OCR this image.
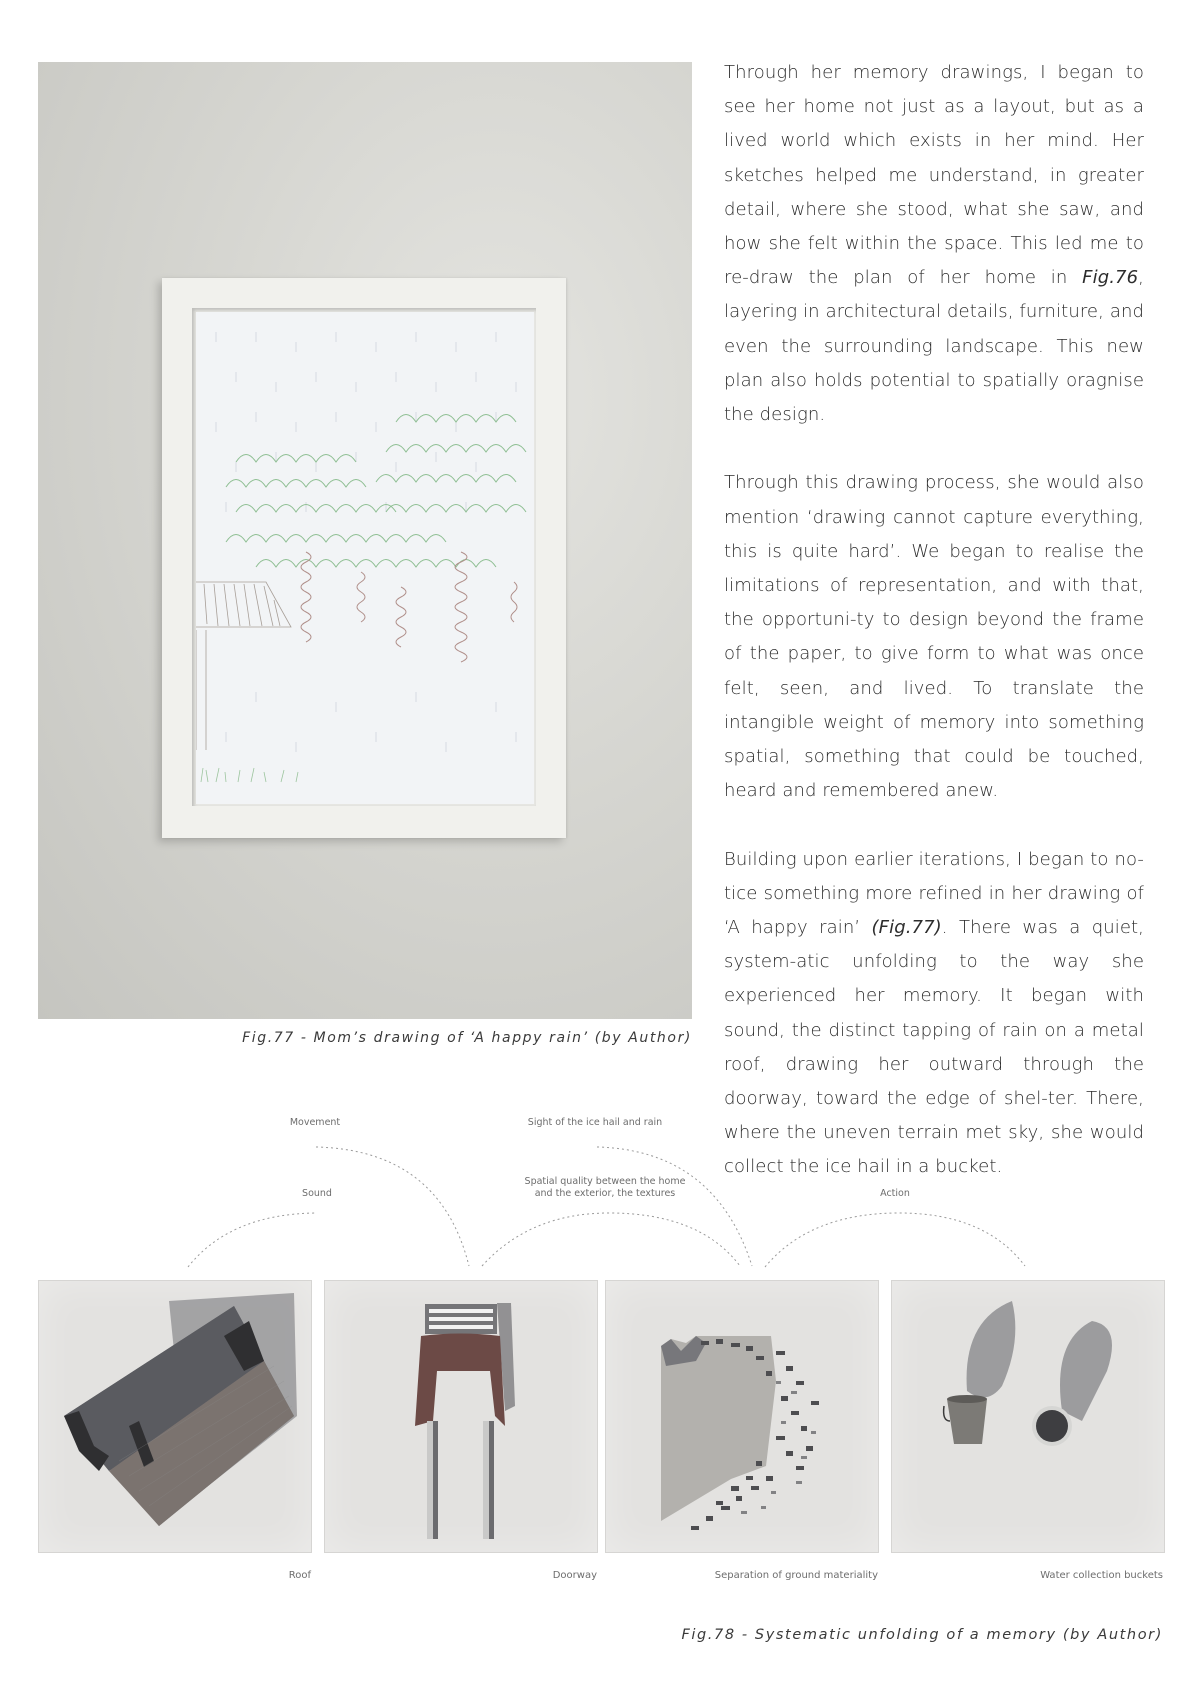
Fig.77 - Mom’s drawing of ‘A happy rain’ (by Author)

Through her memory drawings, I began to see her home not just as a layout, but as a lived world which exists in her mind. Her sketches helped me understand, in greater detail, where she stood, what she saw, and how she felt within the space. This led me to re-draw the plan of her home in Fig.76, layering in architectural details, furniture, and even the surrounding landscape. This new plan also holds potential to spatially oragnise the design.

Through this drawing process, she would also mention ‘drawing cannot capture everything, this is quite hard’. We began to realise the limitations of representation, and with that, the opportuni-ty to design beyond the frame of the paper, to give form to what was once felt, seen, and lived. To translate the intangible weight of memory into something spatial, something that could be touched, heard and remembered anew.

Building upon earlier iterations, I began to no-tice something more refined in her drawing of ‘A happy rain’ (Fig.77). There was a quiet, system-atic unfolding to the way she experienced her memory. It began with sound, the distinct tapping of rain on a metal roof, drawing her outward through the doorway, toward the edge of shel-ter. There, where the uneven terrain met sky, she would collect the ice hail in a bucket.

Movement	Sight of the ice hail and rain
Sound
Spatial quality between the home
and the exterior, the textures	Action
Roof	Doorway	Separation of ground materiality	Water collection buckets
Fig.78 - Systematic unfolding of a memory (by Author)
